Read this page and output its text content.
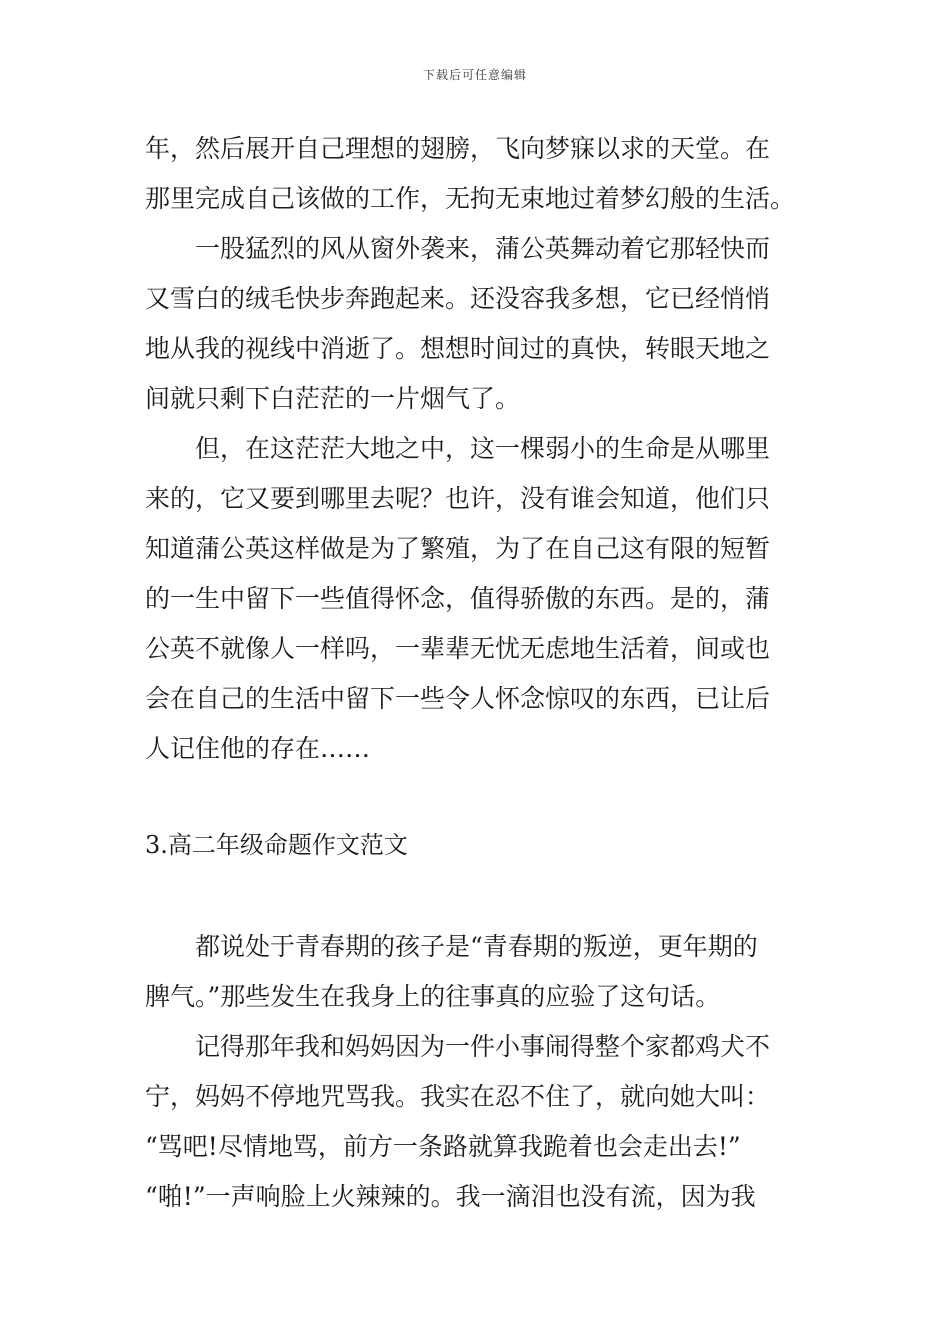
下载后可任意编辑
年，然后展开自己理想的翅膀，飞向梦寐以求的天堂。在
那里完成自己该做的工作，无拘无束地过着梦幻般的生活。
　　一股猛烈的风从窗外袭来，蒲公英舞动着它那轻快而
又雪白的绒毛快步奔跑起来。还没容我多想，它已经悄悄
地从我的视线中消逝了。想想时间过的真快，转眼天地之
间就只剩下白茫茫的一片烟气了。
　　但，在这茫茫大地之中，这一棵弱小的生命是从哪里
来的，它又要到哪里去呢？也许，没有谁会知道，他们只
知道蒲公英这样做是为了繁殖，为了在自己这有限的短暂
的一生中留下一些值得怀念，值得骄傲的东西。是的，蒲
公英不就像人一样吗，一辈辈无忧无虑地生活着，间或也
会在自己的生活中留下一些令人怀念惊叹的东西，已让后
人记住他的存在……
3.高二年级命题作文范文
　　都说处于青春期的孩子是“青春期的叛逆，更年期的
脾气。”那些发生在我身上的往事真的应验了这句话。
　　记得那年我和妈妈因为一件小事闹得整个家都鸡犬不
宁，妈妈不停地咒骂我。我实在忍不住了，就向她大叫：
“骂吧!尽情地骂，前方一条路就算我跪着也会走出去!”
“啪!”一声响脸上火辣辣的。我一滴泪也没有流，因为我
